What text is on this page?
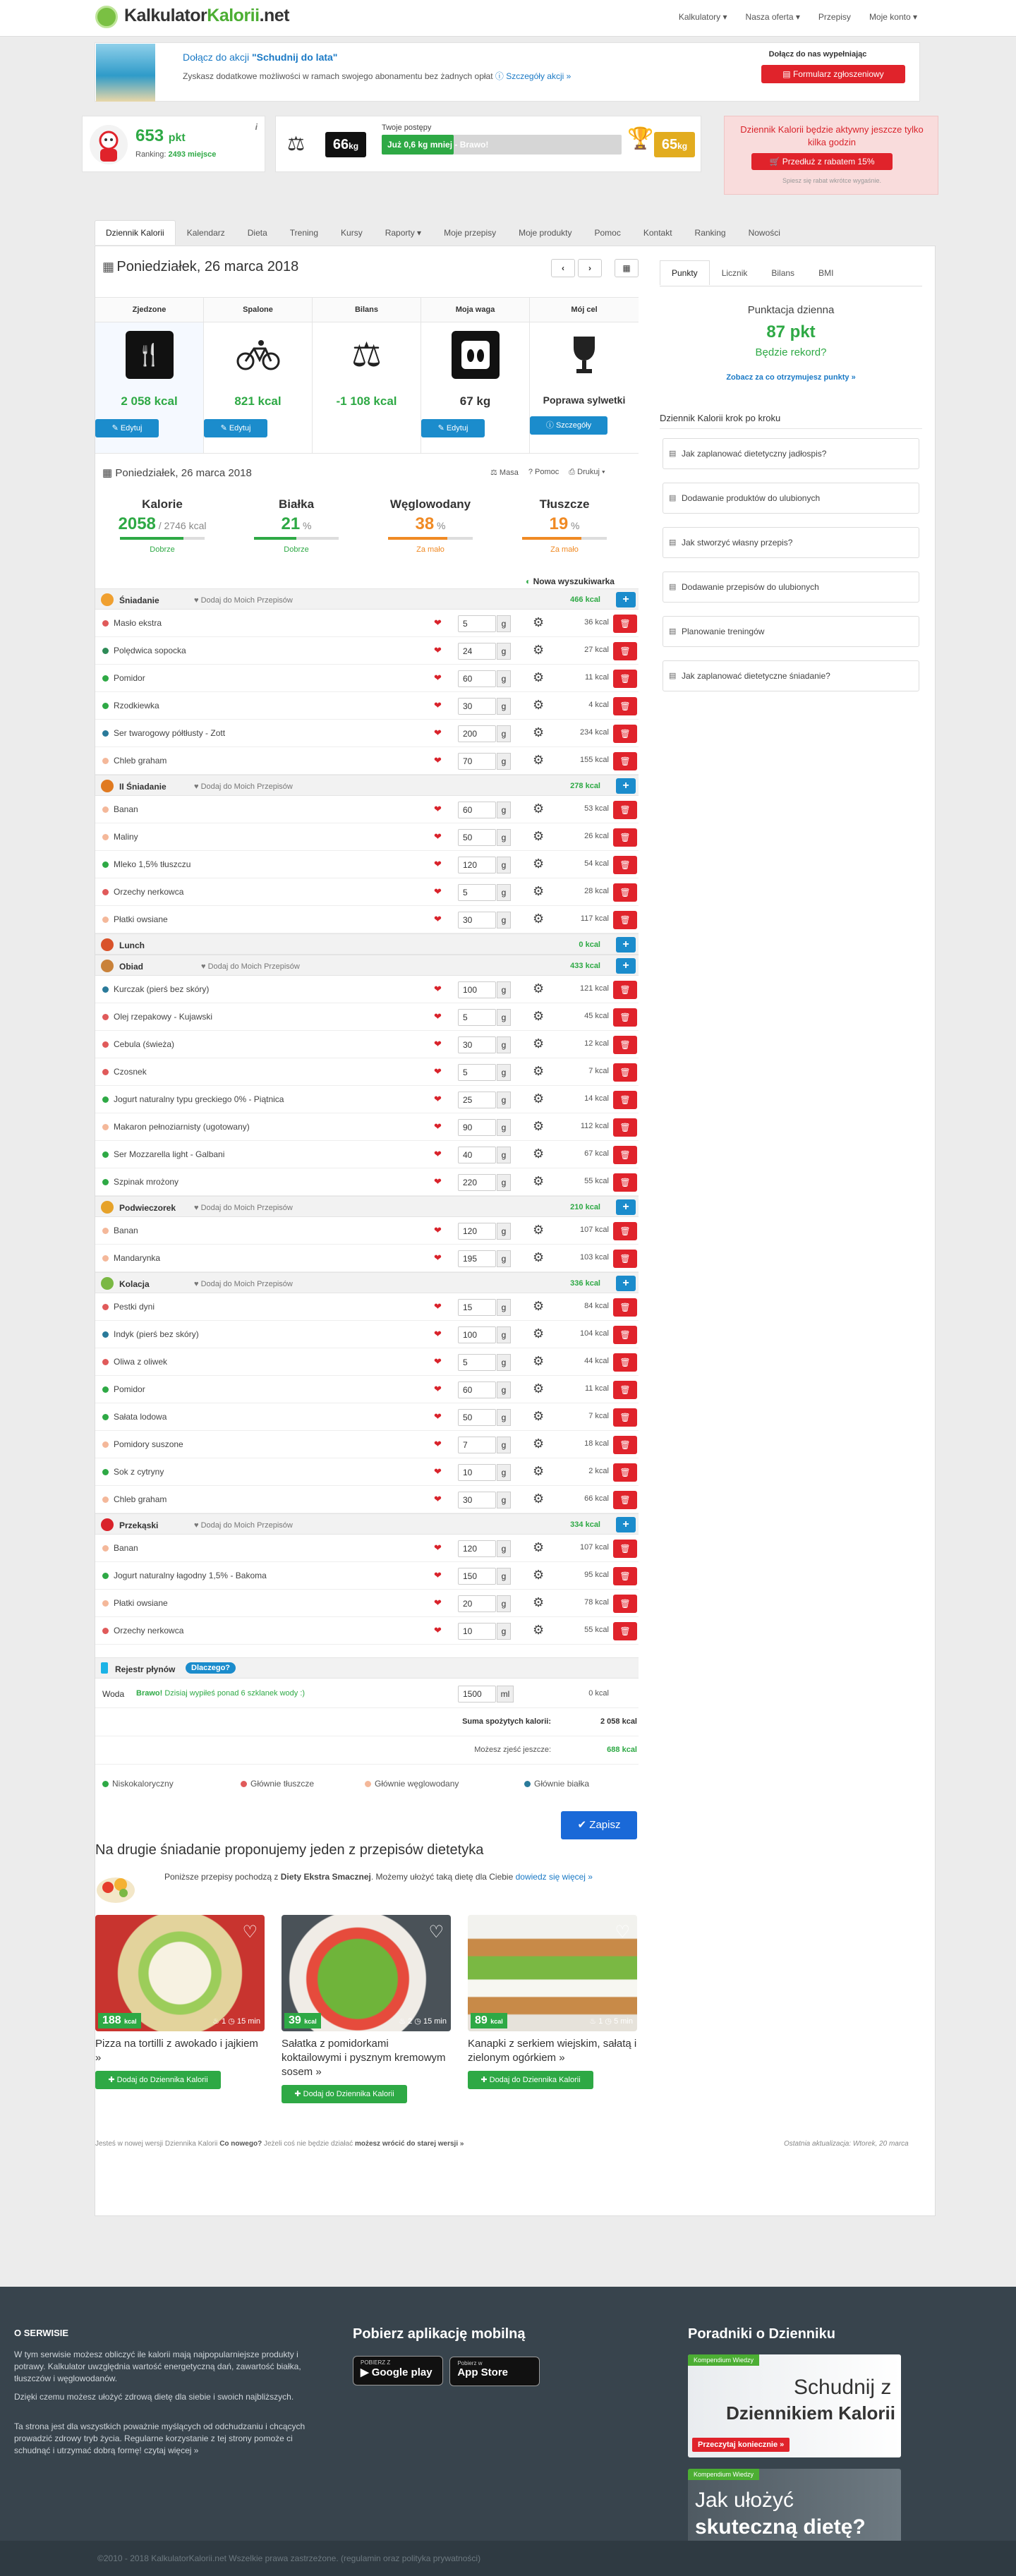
KalkulatorKalorii.net	Kalkulatory ▾ Nasza oferta ▾ Przepisy Moje konto ▾
Dołącz do akcji "Schudnij do lata"
Zyskasz dodatkowe możliwości w ramach swojego abonamentu bez żadnych opłat ⓘ Szczegóły akcji »
Dołącz do nas wypełniając
▤ Formularz zgłoszeniowy
653 pkt
Ranking: 2493 miejsce
i
⚖	66kg
Twoje postępy
Już 0,6 kg mniej - Brawo!	🏆 65kg
Dziennik Kalorii będzie aktywny jeszcze tylko kilka godzin
🛒 Przedłuż z rabatem 15%
Spiesz się rabat wkrótce wygaśnie.
Dziennik Kalorii	Kalendarz	Dieta	Trening	Kursy	Raporty ▾	Moje przepisy	Moje produkty	Pomoc	Kontakt	Ranking	Nowości
▦ Poniedziałek, 26 marca 2018	‹	›	▦
Zjedzone
🍴
2 058 kcal
✎ Edytuj
Spalone
821 kcal
✎ Edytuj
Bilans
⚖
-1 108 kcal
Moja waga
67 kg
✎ Edytuj
Mój cel
Poprawa sylwetki
ⓘ Szczegóły
▦ Poniedziałek, 26 marca 2018	⚖ Masa ? Pomoc ⎙ Drukuj ▾
Kalorie
2058 / 2746 kcal
Dobrze
Białka
21 %
Dobrze
Węglowodany
38 %
Za mało
Tłuszcze
19 %
Za mało
◐ Nowa wyszukiwarka
Śniadanie	♥ Dodaj do Moich Przepisów	466 kcal	+
Masło ekstra	❤	5	g	⚙	36 kcal	🗑
Polędwica sopocka	❤	24	g	⚙	27 kcal	🗑
Pomidor	❤	60	g	⚙	11 kcal	🗑
Rzodkiewka	❤	30	g	⚙	4 kcal	🗑
Ser twarogowy półtłusty - Zott	❤	200	g	⚙	234 kcal	🗑
Chleb graham	❤	70	g	⚙	155 kcal	🗑
II Śniadanie	♥ Dodaj do Moich Przepisów	278 kcal	+
Banan	❤	60	g	⚙	53 kcal	🗑
Maliny	❤	50	g	⚙	26 kcal	🗑
Mleko 1,5% tłuszczu	❤	120	g	⚙	54 kcal	🗑
Orzechy nerkowca	❤	5	g	⚙	28 kcal	🗑
Płatki owsiane	❤	30	g	⚙	117 kcal	🗑
Lunch	0 kcal	+
Obiad	♥ Dodaj do Moich Przepisów	433 kcal	+
Kurczak (pierś bez skóry)	❤	100	g	⚙	121 kcal	🗑
Olej rzepakowy - Kujawski	❤	5	g	⚙	45 kcal	🗑
Cebula (świeża)	❤	30	g	⚙	12 kcal	🗑
Czosnek	❤	5	g	⚙	7 kcal	🗑
Jogurt naturalny typu greckiego 0% - Piątnica	❤	25	g	⚙	14 kcal	🗑
Makaron pełnoziarnisty (ugotowany)	❤	90	g	⚙	112 kcal	🗑
Ser Mozzarella light - Galbani	❤	40	g	⚙	67 kcal	🗑
Szpinak mrożony	❤	220	g	⚙	55 kcal	🗑
Podwieczorek ♥ Dodaj do Moich Przepisów	210 kcal	+
Banan	❤	120	g	⚙	107 kcal	🗑
Mandarynka	❤	195	g	⚙	103 kcal	🗑
Kolacja	♥ Dodaj do Moich Przepisów	336 kcal	+
Pestki dyni	❤	15	g	⚙	84 kcal	🗑
Indyk (pierś bez skóry)	❤	100	g	⚙	104 kcal	🗑
Oliwa z oliwek	❤	5	g	⚙	44 kcal	🗑
Pomidor	❤	60	g	⚙	11 kcal	🗑
Sałata lodowa	❤	50	g	⚙	7 kcal	🗑
Pomidory suszone	❤	7	g	⚙	18 kcal	🗑
Sok z cytryny	❤	10	g	⚙	2 kcal	🗑
Chleb graham	❤	30	g	⚙	66 kcal	🗑
Przekąski	♥ Dodaj do Moich Przepisów	334 kcal	+
Banan	❤	120	g	⚙	107 kcal	🗑
Jogurt naturalny łagodny 1,5% - Bakoma	❤	150	g	⚙	95 kcal	🗑
Płatki owsiane	❤	20	g	⚙	78 kcal	🗑
Orzechy nerkowca	❤	10	g	⚙	55 kcal	🗑
Punkty	Licznik	Bilans	BMI
Punktacja dzienna
87 pkt
Będzie rekord?
Zobacz za co otrzymujesz punkty »
Dziennik Kalorii krok po kroku
▤ Jak zaplanować dietetyczny jadłospis?
▤ Dodawanie produktów do ulubionych
▤ Jak stworzyć własny przepis?
▤ Dodawanie przepisów do ulubionych
▤ Planowanie treningów
▤ Jak zaplanować dietetyczne śniadanie?
Rejestr płynów	Dlaczego?
Woda Brawo! Dzisiaj wypiłeś ponad 6 szklanek wody :)	1500	ml	0 kcal
Suma spożytych kalorii:	2 058 kcal
Możesz zjeść jeszcze:	688 kcal
Niskokaloryczny	Głównie tłuszcze	Głównie węglowodany	Głównie białka
✔ Zapisz
Na drugie śniadanie proponujemy jeden z przepisów dietetyka
Poniższe przepisy pochodzą z Diety Ekstra Smacznej. Możemy ułożyć taką dietę dla Ciebie dowiedz się więcej »
188 kcal	♨ 1 ◷ 15 min
♡
Pizza na tortilli z awokado i jajkiem »
✚ Dodaj do Dziennika Kalorii
39 kcal	♨ 2 ◷ 15 min
♡
Sałatka z pomidorkami koktailowymi i pysznym kremowym sosem »
✚ Dodaj do Dziennika Kalorii
89 kcal	♨ 1 ◷ 5 min
♡
Kanapki z serkiem wiejskim, sałatą i zielonym ogórkiem »
✚ Dodaj do Dziennika Kalorii
Jesteś w nowej wersji Dziennika Kalorii Co nowego? Jeżeli coś nie będzie działać możesz wrócić do starej wersji »	Ostatnia aktualizacja: Wtorek, 20 marca
O SERWISIE

W tym serwisie możesz obliczyć ile kalorii mają najpopularniejsze produkty i potrawy. Kalkulator uwzględnia wartość energetyczną dań, zawartość białka, tłuszczów i węglowodanów.

Dzięki czemu możesz ułożyć zdrową dietę dla siebie i swoich najbliższych.

Ta strona jest dla wszystkich poważnie myślących od odchudzaniu i chcących prowadzić zdrowy tryb życia. Regularne korzystanie z tej strony pomoże ci schudnąć i utrzymać dobrą formę! czytaj więcej »

Pobierz aplikację mobilną
POBIERZ Z
▶ Google play
Pobierz w
App Store
Poradniki o Dzienniku
Kompendium Wiedzy
Schudnij z
Dziennikiem Kalorii
Przeczytaj koniecznie »
Kompendium Wiedzy
Jak ułożyć
skuteczną dietę?
©2010 - 2018 KalkulatorKalorii.net Wszelkie prawa zastrzeżone. (regulamin oraz polityka prywatności)
